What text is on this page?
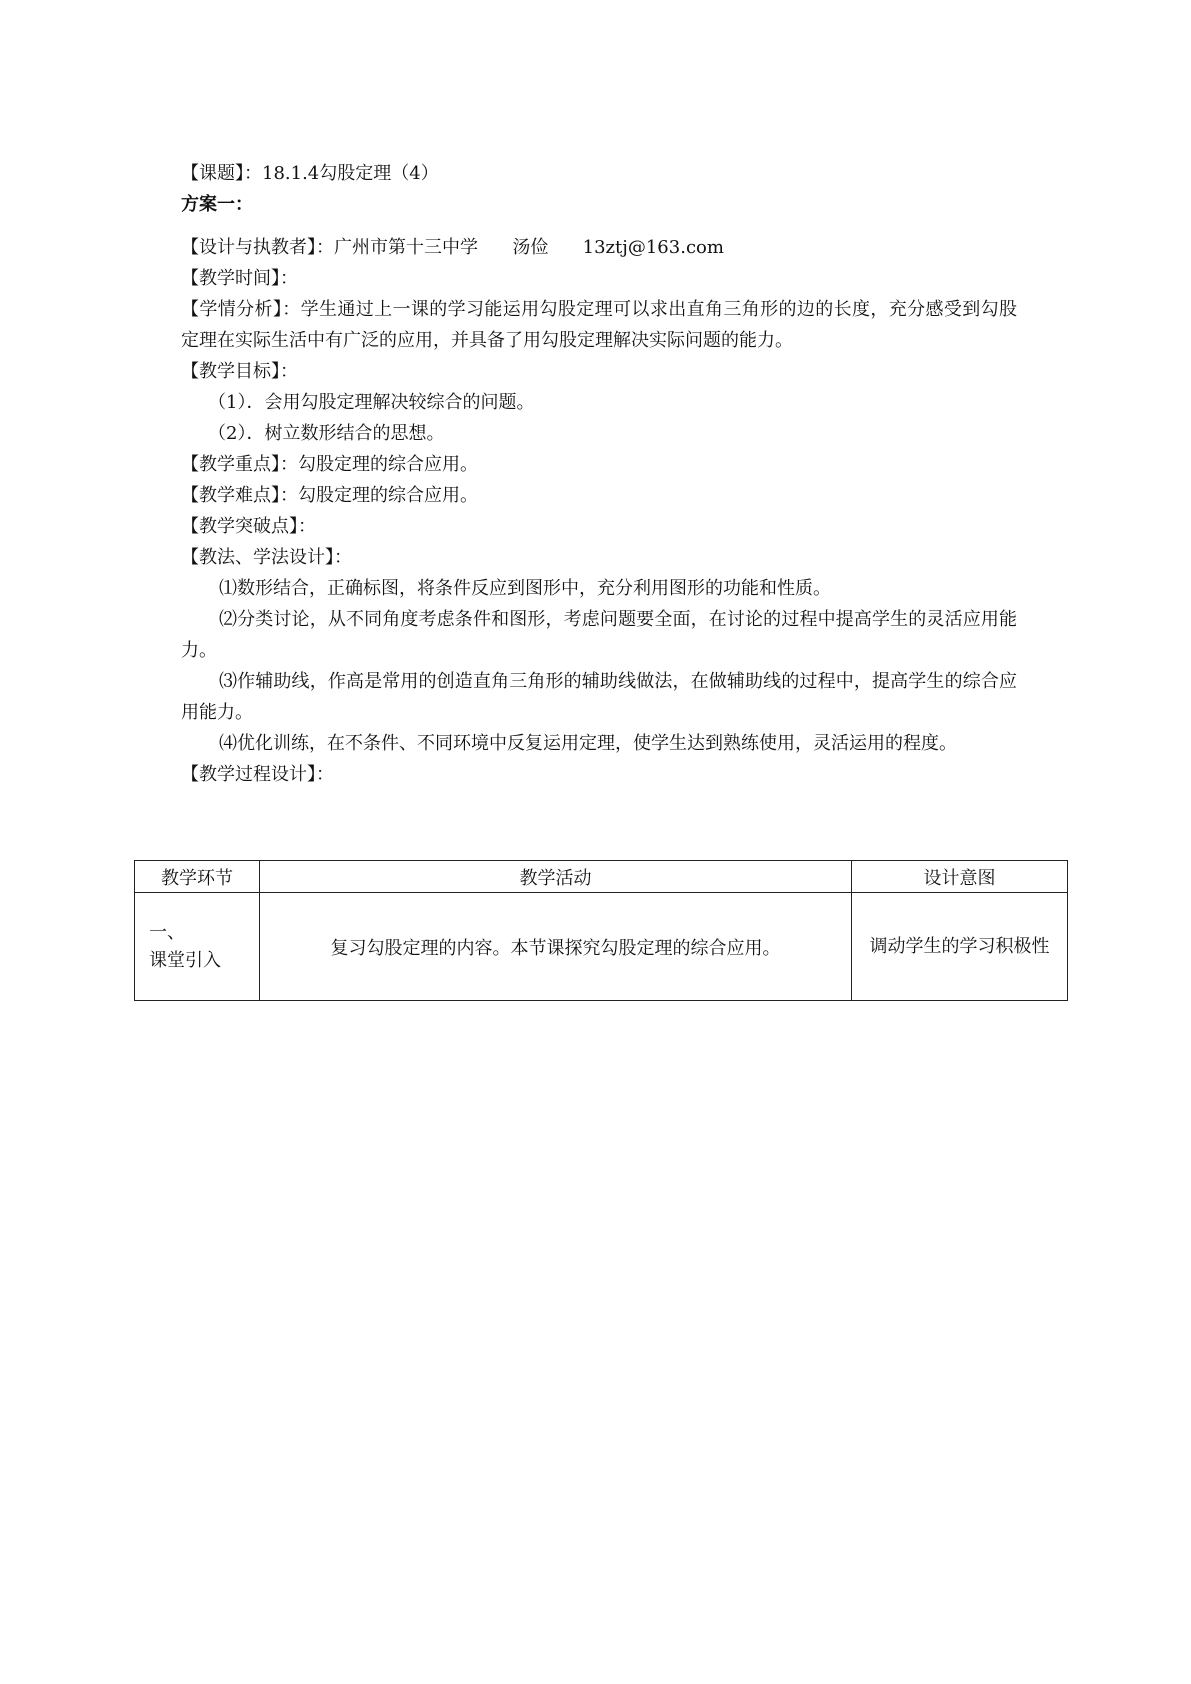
【课题】：18.1.4勾股定理（4）
方案一：
【设计与执教者】：广州市第十三中学      汤俭      13ztj@163.com
【教学时间】：
【学情分析】：学生通过上一课的学习能运用勾股定理可以求出直角三角形的边的长度，充分感受到勾股定理在实际生活中有广泛的应用，并具备了用勾股定理解决实际问题的能力。
【教学目标】：
（1）．会用勾股定理解决较综合的问题。
（2）．树立数形结合的思想。
【教学重点】：勾股定理的综合应用。
【教学难点】：勾股定理的综合应用。
【教学突破点】：
【教法、学法设计】：
⑴数形结合，正确标图，将条件反应到图形中，充分利用图形的功能和性质。
⑵分类讨论，从不同角度考虑条件和图形，考虑问题要全面，在讨论的过程中提高学生的灵活应用能力。
⑶作辅助线，作高是常用的创造直角三角形的辅助线做法，在做辅助线的过程中，提高学生的综合应用能力。
⑷优化训练，在不条件、不同环境中反复运用定理，使学生达到熟练使用，灵活运用的程度。
【教学过程设计】：
教学环节	教学活动	设计意图

一、
课堂引入	复习勾股定理的内容。本节课探究勾股定理的综合应用。	调动学生的学习积极性
